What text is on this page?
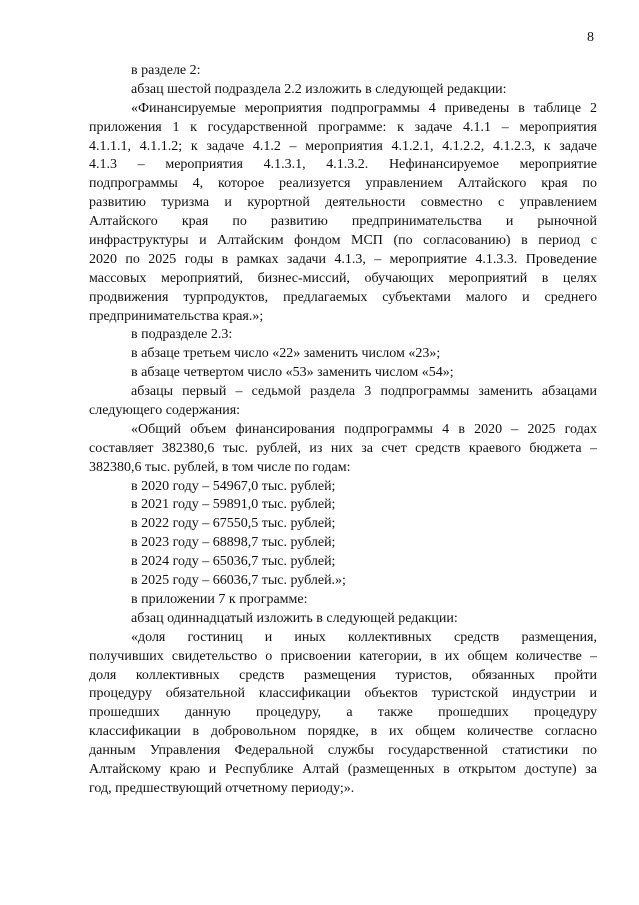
8
в разделе 2:
абзац шестой подраздела 2.2 изложить в следующей редакции:
«Финансируемые мероприятия подпрограммы 4 приведены в таблице 2
приложения 1 к государственной программе: к задаче 4.1.1 – мероприятия
4.1.1.1, 4.1.1.2; к задаче 4.1.2 – мероприятия 4.1.2.1, 4.1.2.2, 4.1.2.3, к задаче
4.1.3 – мероприятия 4.1.3.1, 4.1.3.2. Нефинансируемое мероприятие
подпрограммы 4, которое реализуется управлением Алтайского края по
развитию туризма и курортной деятельности совместно с управлением
Алтайского края по развитию предпринимательства и рыночной
инфраструктуры и Алтайским фондом МСП (по согласованию) в период с
2020 по 2025 годы в рамках задачи 4.1.3, – мероприятие 4.1.3.3. Проведение
массовых мероприятий, бизнес-миссий, обучающих мероприятий в целях
продвижения турпродуктов, предлагаемых субъектами малого и среднего
предпринимательства края.»;
в подразделе 2.3:
в абзаце третьем число «22» заменить числом «23»;
в абзаце четвертом число «53» заменить числом «54»;
абзацы первый – седьмой раздела 3 подпрограммы заменить абзацами
следующего содержания:
«Общий объем финансирования подпрограммы 4 в 2020 – 2025 годах
составляет 382380,6 тыс. рублей, из них за счет средств краевого бюджета –
382380,6 тыс. рублей, в том числе по годам:
в 2020 году – 54967,0 тыс. рублей;
в 2021 году – 59891,0 тыс. рублей;
в 2022 году – 67550,5 тыс. рублей;
в 2023 году – 68898,7 тыс. рублей;
в 2024 году – 65036,7 тыс. рублей;
в 2025 году – 66036,7 тыс. рублей.»;
в приложении 7 к программе:
абзац одиннадцатый изложить в следующей редакции:
«доля гостиниц и иных коллективных средств размещения,
получивших свидетельство о присвоении категории, в их общем количестве –
доля коллективных средств размещения туристов, обязанных пройти
процедуру обязательной классификации объектов туристской индустрии и
прошедших данную процедуру, а также прошедших процедуру
классификации в добровольном порядке, в их общем количестве согласно
данным Управления Федеральной службы государственной статистики по
Алтайскому краю и Республике Алтай (размещенных в открытом доступе) за
год, предшествующий отчетному периоду;».
